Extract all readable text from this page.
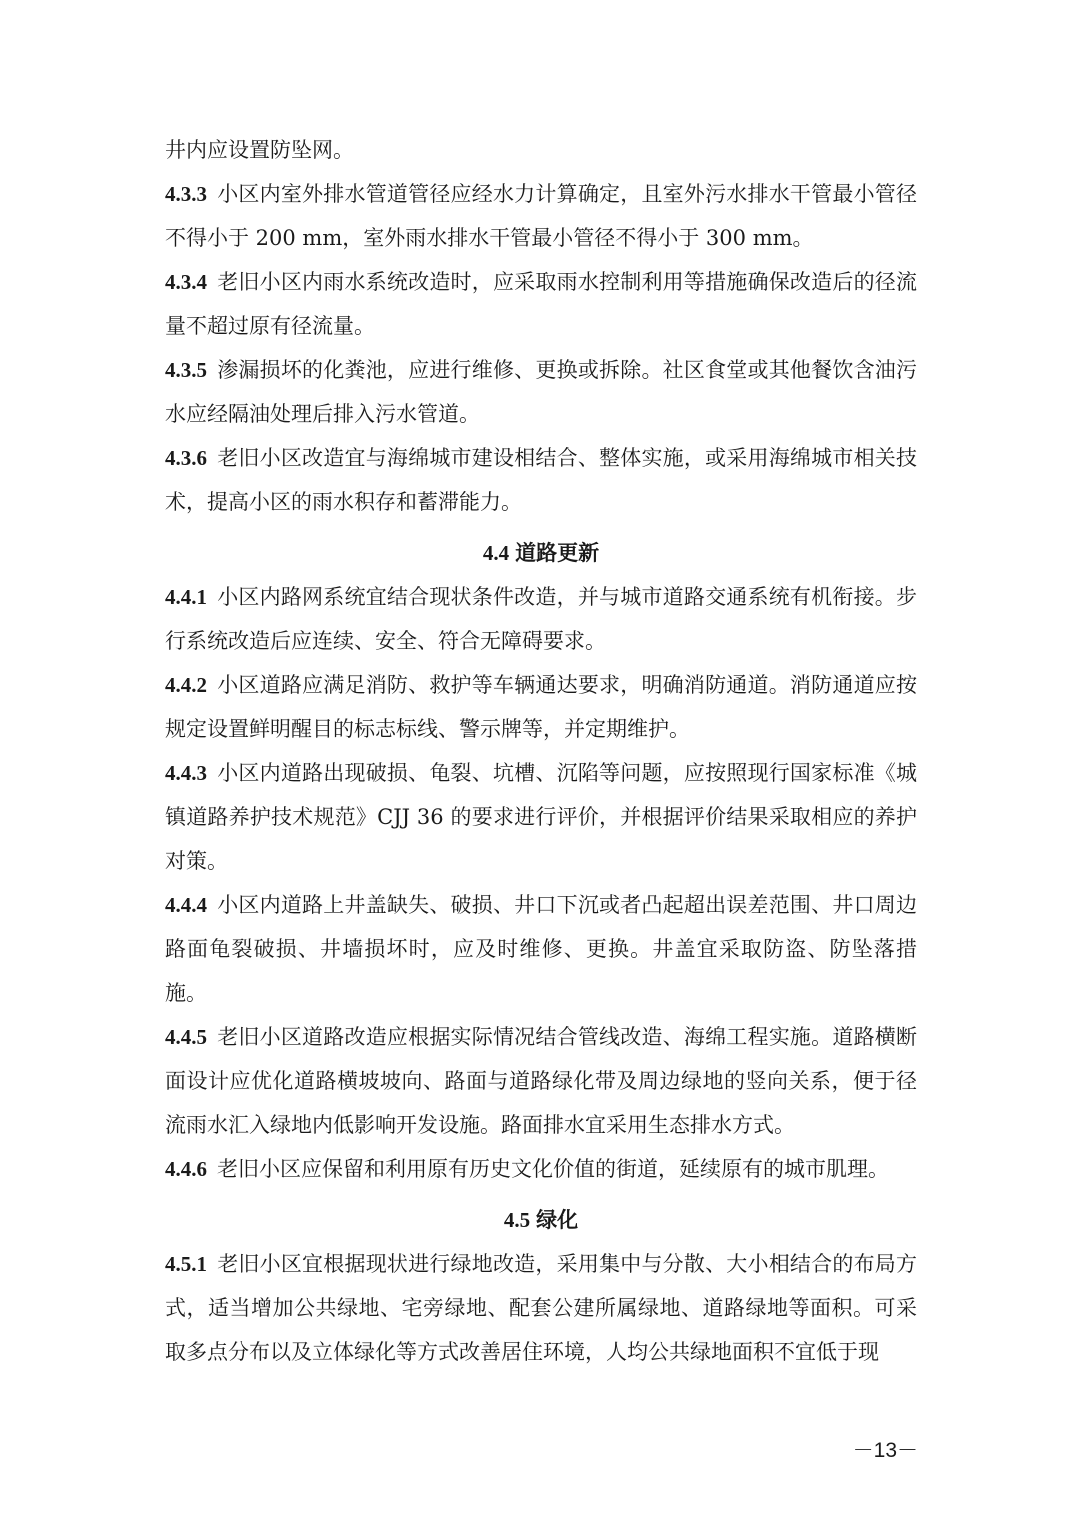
井内应设置防坠网。

4.3.3 小区内室外排水管道管径应经水力计算确定，且室外污水排水干管最小管径不得小于 200 mm，室外雨水排水干管最小管径不得小于 300 mm。

4.3.4 老旧小区内雨水系统改造时，应采取雨水控制利用等措施确保改造后的径流量不超过原有径流量。

4.3.5 渗漏损坏的化粪池，应进行维修、更换或拆除。社区食堂或其他餐饮含油污水应经隔油处理后排入污水管道。

4.3.6 老旧小区改造宜与海绵城市建设相结合、整体实施，或采用海绵城市相关技术，提高小区的雨水积存和蓄滞能力。

4.4 道路更新

4.4.1 小区内路网系统宜结合现状条件改造，并与城市道路交通系统有机衔接。步行系统改造后应连续、安全、符合无障碍要求。

4.4.2 小区道路应满足消防、救护等车辆通达要求，明确消防通道。消防通道应按规定设置鲜明醒目的标志标线、警示牌等，并定期维护。

4.4.3 小区内道路出现破损、龟裂、坑槽、沉陷等问题，应按照现行国家标准《城镇道路养护技术规范》CJJ 36 的要求进行评价，并根据评价结果采取相应的养护对策。

4.4.4 小区内道路上井盖缺失、破损、井口下沉或者凸起超出误差范围、井口周边路面龟裂破损、井墙损坏时，应及时维修、更换。井盖宜采取防盗、防坠落措施。

4.4.5 老旧小区道路改造应根据实际情况结合管线改造、海绵工程实施。道路横断面设计应优化道路横坡坡向、路面与道路绿化带及周边绿地的竖向关系，便于径流雨水汇入绿地内低影响开发设施。路面排水宜采用生态排水方式。

4.4.6 老旧小区应保留和利用原有历史文化价值的街道，延续原有的城市肌理。

4.5 绿化

4.5.1 老旧小区宜根据现状进行绿地改造，采用集中与分散、大小相结合的布局方式，适当增加公共绿地、宅旁绿地、配套公建所属绿地、道路绿地等面积。可采取多点分布以及立体绿化等方式改善居住环境，人均公共绿地面积不宜低于现

－13－
